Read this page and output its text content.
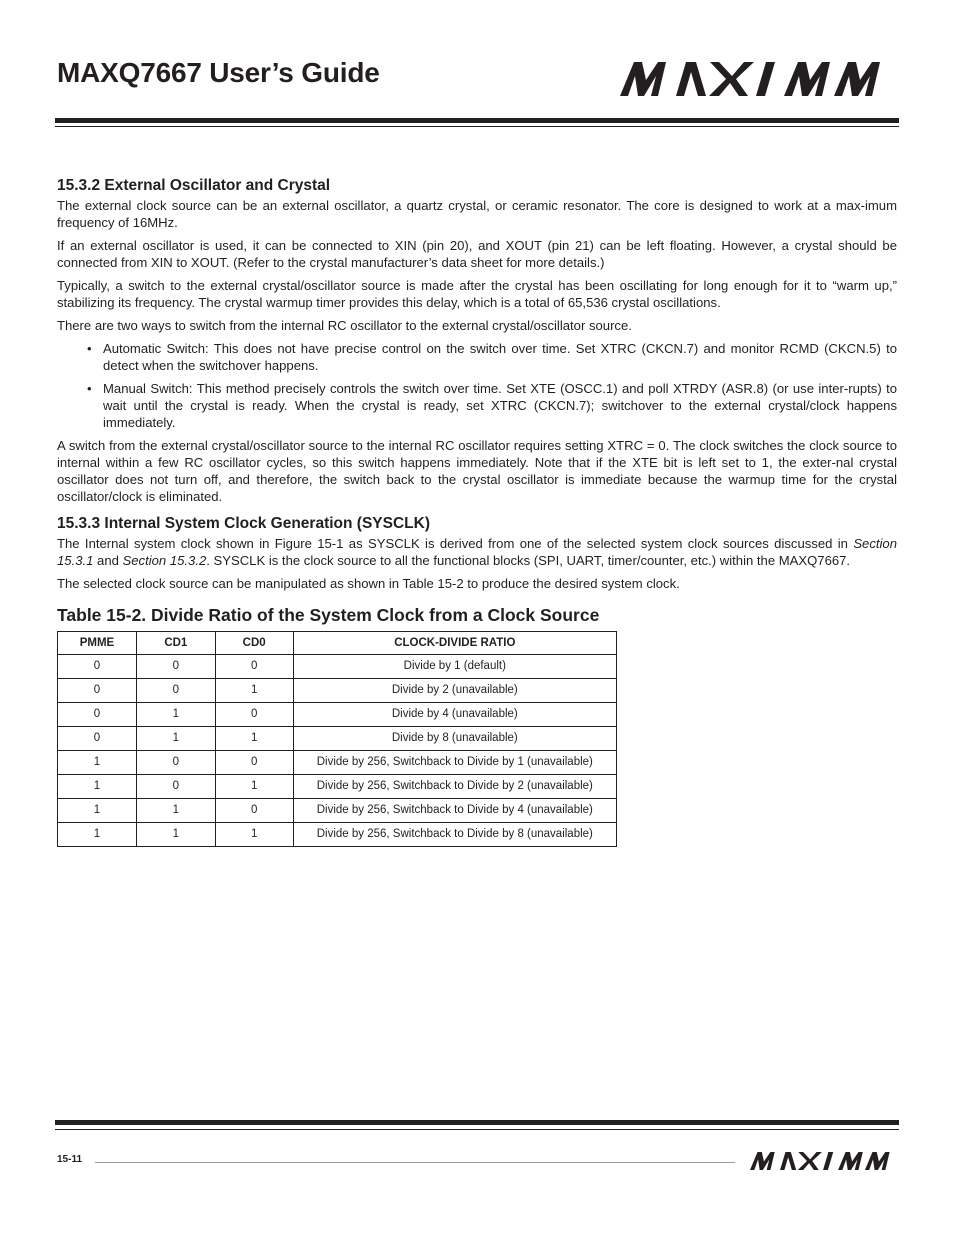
MAXQ7667 User’s Guide
15.3.2 External Oscillator and Crystal

The external clock source can be an external oscillator, a quartz crystal, or ceramic resonator. The core is designed to work at a max-imum frequency of 16MHz.

If an external oscillator is used, it can be connected to XIN (pin 20), and XOUT (pin 21) can be left floating. However, a crystal should be connected from XIN to XOUT. (Refer to the crystal manufacturer’s data sheet for more details.)

Typically, a switch to the external crystal/oscillator source is made after the crystal has been oscillating for long enough for it to “warm up,” stabilizing its frequency. The crystal warmup timer provides this delay, which is a total of 65,536 crystal oscillations.

There are two ways to switch from the internal RC oscillator to the external crystal/oscillator source.

• Automatic Switch: This does not have precise control on the switch over time. Set XTRC (CKCN.7) and monitor RCMD (CKCN.5) to detect when the switchover happens.
• Manual Switch: This method precisely controls the switch over time. Set XTE (OSCC.1) and poll XTRDY (ASR.8) (or use inter-rupts) to wait until the crystal is ready. When the crystal is ready, set XTRC (CKCN.7); switchover to the external crystal/clock happens immediately.

A switch from the external crystal/oscillator source to the internal RC oscillator requires setting XTRC = 0. The clock switches the clock source to internal within a few RC oscillator cycles, so this switch happens immediately. Note that if the XTE bit is left set to 1, the exter-nal crystal oscillator does not turn off, and therefore, the switch back to the crystal oscillator is immediate because the warmup time for the crystal oscillator/clock is eliminated.

15.3.3 Internal System Clock Generation (SYSCLK)

The Internal system clock shown in Figure 15-1 as SYSCLK is derived from one of the selected system clock sources discussed in Section 15.3.1 and Section 15.3.2. SYSCLK is the clock source to all the functional blocks (SPI, UART, timer/counter, etc.) within the MAXQ7667.

The selected clock source can be manipulated as shown in Table 15-2 to produce the desired system clock.

Table 15-2. Divide Ratio of the System Clock from a Clock Source
PMME	CD1	CD0	CLOCK-DIVIDE RATIO
0	0	0	Divide by 1 (default)
0	0	1	Divide by 2 (unavailable)
0	1	0	Divide by 4 (unavailable)
0	1	1	Divide by 8 (unavailable)
1	0	0	Divide by 256, Switchback to Divide by 1 (unavailable)
1	0	1	Divide by 256, Switchback to Divide by 2 (unavailable)
1	1	0	Divide by 256, Switchback to Divide by 4 (unavailable)
1	1	1	Divide by 256, Switchback to Divide by 8 (unavailable)
15-11
